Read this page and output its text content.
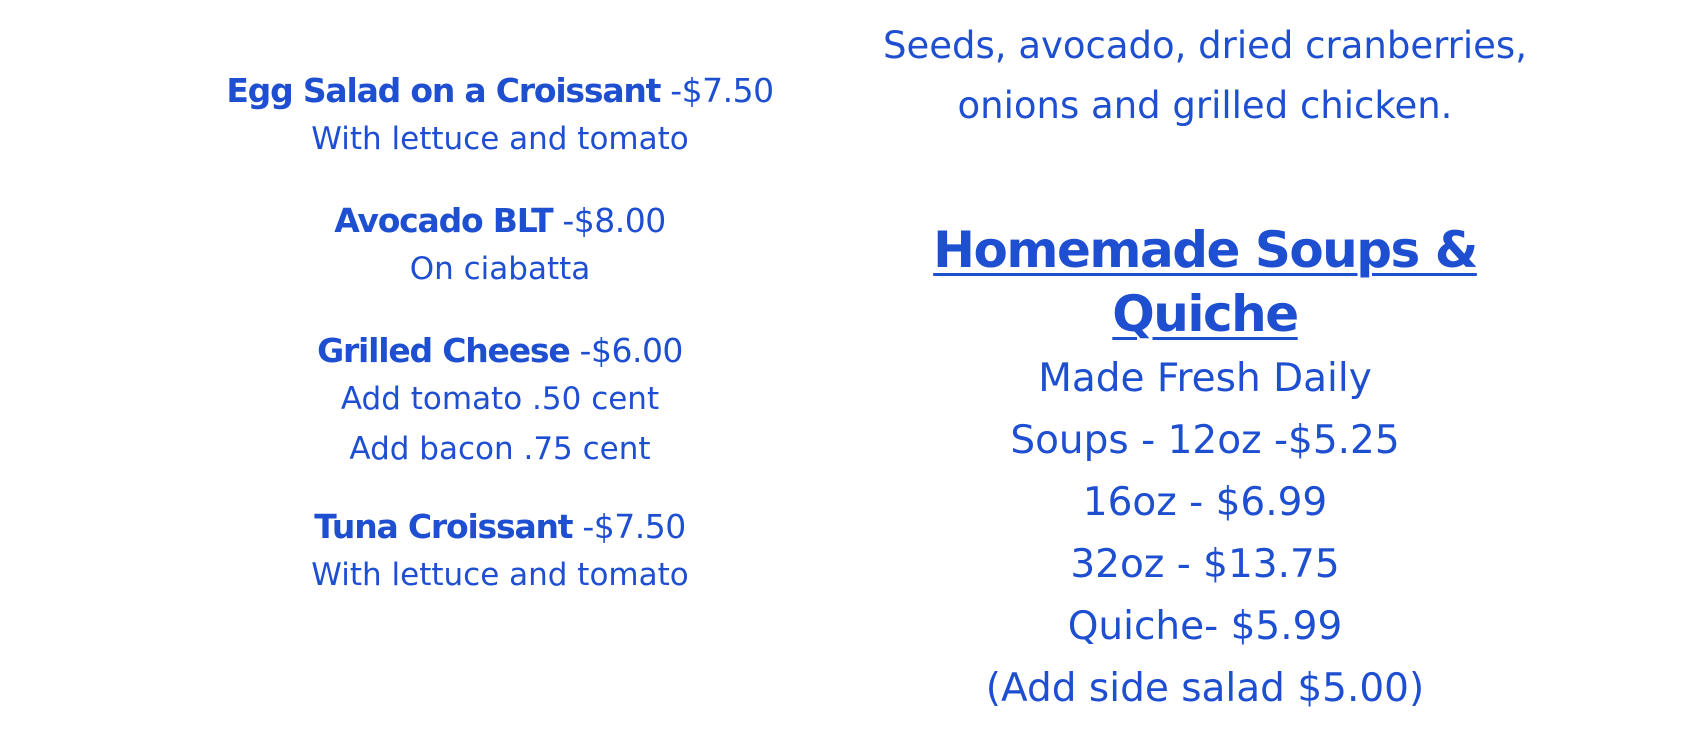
Egg Salad on a Croissant -$7.50
With lettuce and tomato
Avocado BLT -$8.00
On ciabatta
Grilled Cheese -$6.00
Add tomato .50 cent
Add bacon .75 cent
Tuna Croissant -$7.50
With lettuce and tomato
Seeds, avocado, dried cranberries,
onions and grilled chicken.
Homemade Soups & Quiche
Made Fresh Daily
Soups - 12oz -$5.25
16oz - $6.99
32oz - $13.75
Quiche- $5.99
(Add side salad $5.00)
